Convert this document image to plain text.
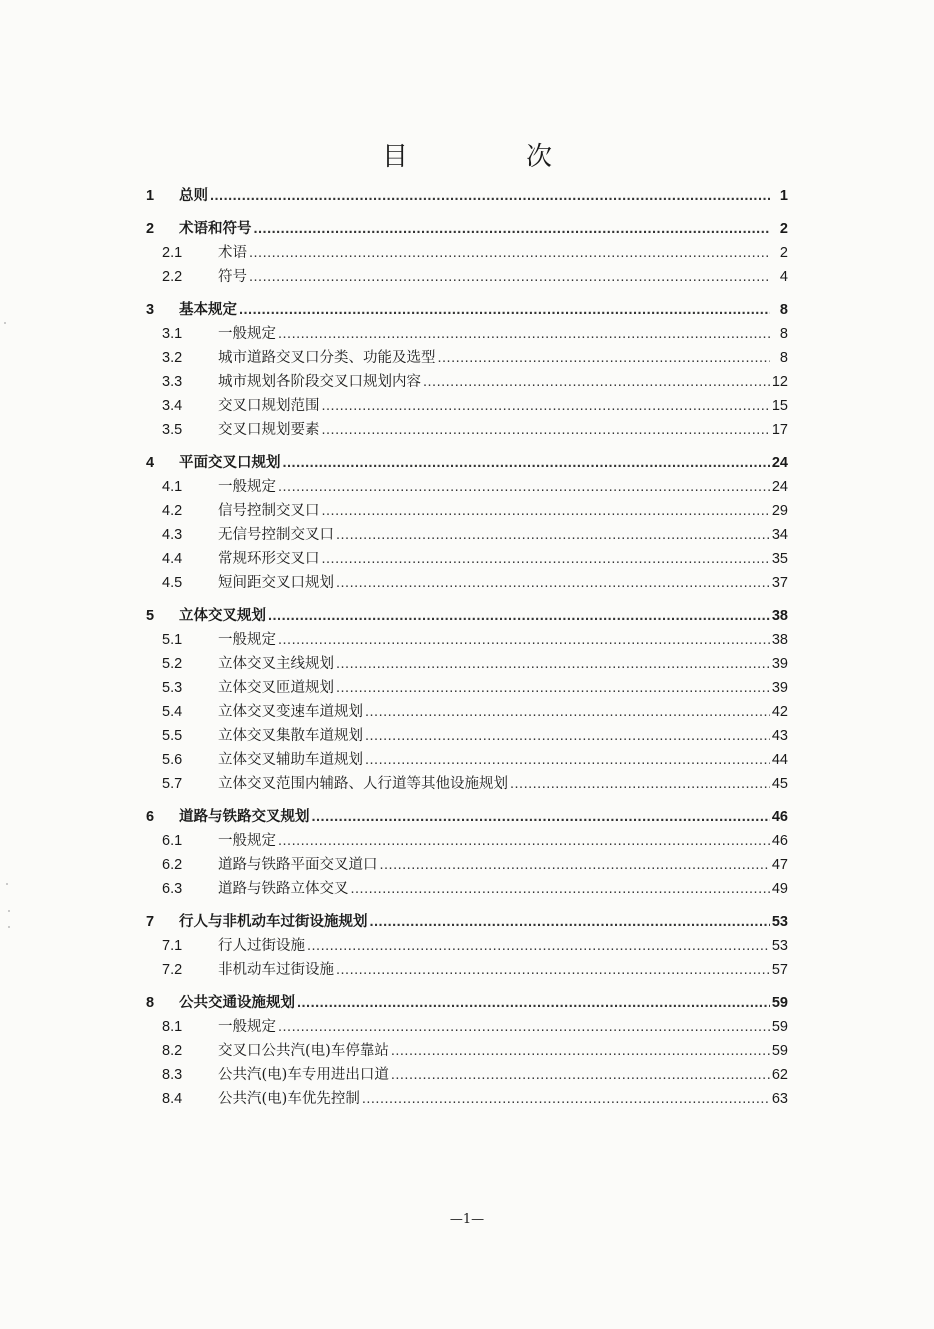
目　次
1	总则 .....	1
2	术语和符号 .....	2
2.1	术语 .....	2
2.2	符号 .....	4
3	基本规定 .....	8
3.1	一般规定 .....	8
3.2	城市道路交叉口分类、功能及选型 .....	8
3.3	城市规划各阶段交叉口规划内容 .....	12
3.4	交叉口规划范围 .....	15
3.5	交叉口规划要素 .....	17
4	平面交叉口规划 .....	24
4.1	一般规定 .....	24
4.2	信号控制交叉口 .....	29
4.3	无信号控制交叉口 .....	34
4.4	常规环形交叉口 .....	35
4.5	短间距交叉口规划 .....	37
5	立体交叉规划 .....	38
5.1	一般规定 .....	38
5.2	立体交叉主线规划 .....	39
5.3	立体交叉匝道规划 .....	39
5.4	立体交叉变速车道规划 .....	42
5.5	立体交叉集散车道规划 .....	43
5.6	立体交叉辅助车道规划 .....	44
5.7	立体交叉范围内辅路、人行道等其他设施规划 .....	45
6	道路与铁路交叉规划 .....	46
6.1	一般规定 .....	46
6.2	道路与铁路平面交叉道口 .....	47
6.3	道路与铁路立体交叉 .....	49
7	行人与非机动车过街设施规划 .....	53
7.1	行人过街设施 .....	53
7.2	非机动车过街设施 .....	57
8	公共交通设施规划 .....	59
8.1	一般规定 .....	59
8.2	交叉口公共汽(电)车停靠站 .....	59
8.3	公共汽(电)车专用进出口道 .....	62
8.4	公共汽(电)车优先控制 .....	63
—1—
